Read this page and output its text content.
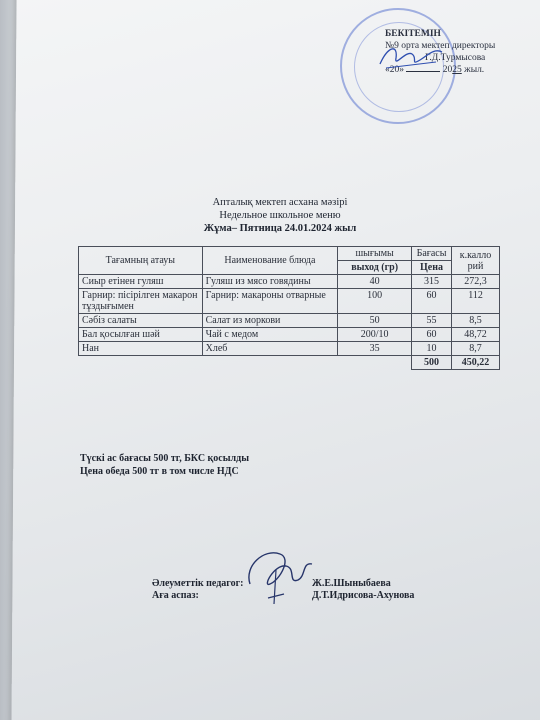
БЕКІТЕМІН
№9 орта мектеп директоры
Г.Д.Турмысова
«20»	2025 жыл.
Апталық мектеп асхана мәзірі
Недельное школьное меню
Жұма– Пятница 24.01.2024 жыл
Тағамның атауы	Наименование блюда	шығымы	Бағасы	к.калло рий
		выход (гр)	Цена	
Сиыр етінен гуляш	Гуляш из мясо говядины	40	315	272,3
Гарнир: пісірілген макарон тұздығымен	Гарнир: макароны отварные	100	60	112
Сәбіз салаты	Салат из моркови	50	55	8,5
Бал қосылған шәй	Чай с медом	200/10	60	48,72
Нан	Хлеб	35	10	8,7
			500	450,22
Түскі ас бағасы 500 тг, БКС қосылды
Цена обеда 500 тг в том числе НДС
Әлеуметтік педагог:	Ж.Е.Шыныбаева
Аға аспаз:	Д.Т.Идрисова-Ахунова
